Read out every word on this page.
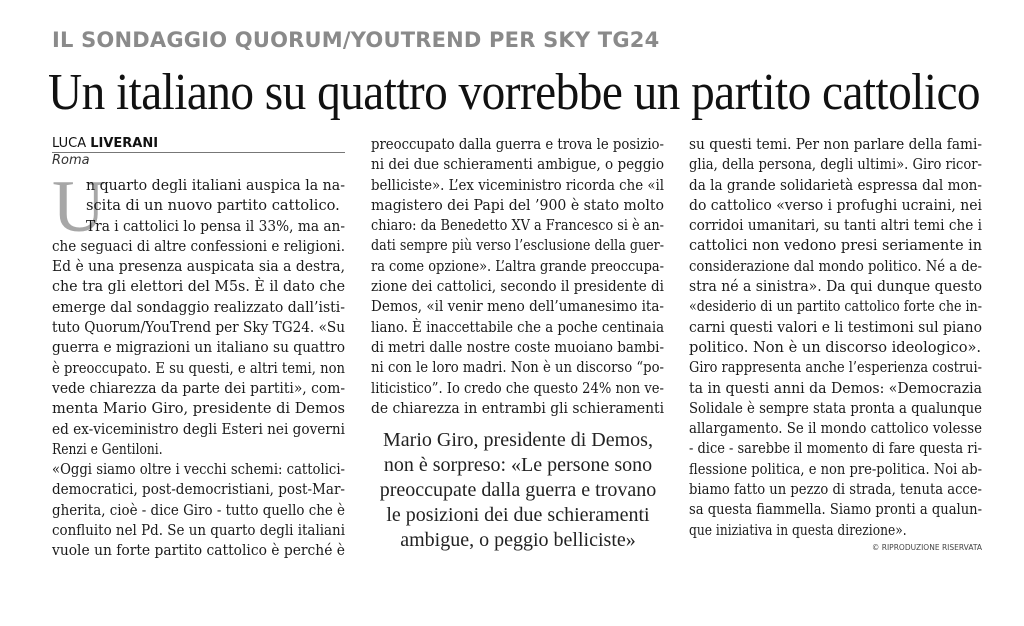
IL SONDAGGIO QUORUM/YOUTREND PER SKY TG24
Un italiano su quattro vorrebbe un partito cattolico
LUCA LIVERANI
Roma
U
n quarto degli italiani auspica la na-
scita di un nuovo partito cattolico.
Tra i cattolici lo pensa il 33%, ma an-
che seguaci di altre confessioni e religioni.
Ed è una presenza auspicata sia a destra,
che tra gli elettori del M5s. È il dato che
emerge dal sondaggio realizzato dall’isti-
tuto Quorum/YouTrend per Sky TG24. «Su
guerra e migrazioni un italiano su quattro
è preoccupato. E su questi, e altri temi, non
vede chiarezza da parte dei partiti», com-
menta Mario Giro, presidente di Demos
ed ex-viceministro degli Esteri nei governi
Renzi e Gentiloni.
«Oggi siamo oltre i vecchi schemi: cattolici-
democratici, post-democristiani, post-Mar-
gherita, cioè - dice Giro - tutto quello che è
confluito nel Pd. Se un quarto degli italiani
vuole un forte partito cattolico è perché è
preoccupato dalla guerra e trova le posizio-
ni dei due schieramenti ambigue, o peggio
belliciste». L’ex viceministro ricorda che «il
magistero dei Papi del ’900 è stato molto
chiaro: da Benedetto XV a Francesco si è an-
dati sempre più verso l’esclusione della guer-
ra come opzione». L’altra grande preoccupa-
zione dei cattolici, secondo il presidente di
Demos, «il venir meno dell’umanesimo ita-
liano. È inaccettabile che a poche centinaia
di metri dalle nostre coste muoiano bambi-
ni con le loro madri. Non è un discorso “po-
liticistico”. Io credo che questo 24% non ve-
de chiarezza in entrambi gli schieramenti
su questi temi. Per non parlare della fami-
glia, della persona, degli ultimi». Giro ricor-
da la grande solidarietà espressa dal mon-
do cattolico «verso i profughi ucraini, nei
corridoi umanitari, su tanti altri temi che i
cattolici non vedono presi seriamente in
considerazione dal mondo politico. Né a de-
stra né a sinistra». Da qui dunque questo
«desiderio di un partito cattolico forte che in-
carni questi valori e li testimoni sul piano
politico. Non è un discorso ideologico».
Giro rappresenta anche l’esperienza costrui-
ta in questi anni da Demos: «Democrazia
Solidale è sempre stata pronta a qualunque
allargamento. Se il mondo cattolico volesse
- dice - sarebbe il momento di fare questa ri-
flessione politica, e non pre-politica. Noi ab-
biamo fatto un pezzo di strada, tenuta acce-
sa questa fiammella. Siamo pronti a qualun-
que iniziativa in questa direzione».
Mario Giro, presidente di Demos,
non è sorpreso: «Le persone sono
preoccupate dalla guerra e trovano
le posizioni dei due schieramenti
ambigue, o peggio belliciste»	© RIPRODUZIONE RISERVATA
